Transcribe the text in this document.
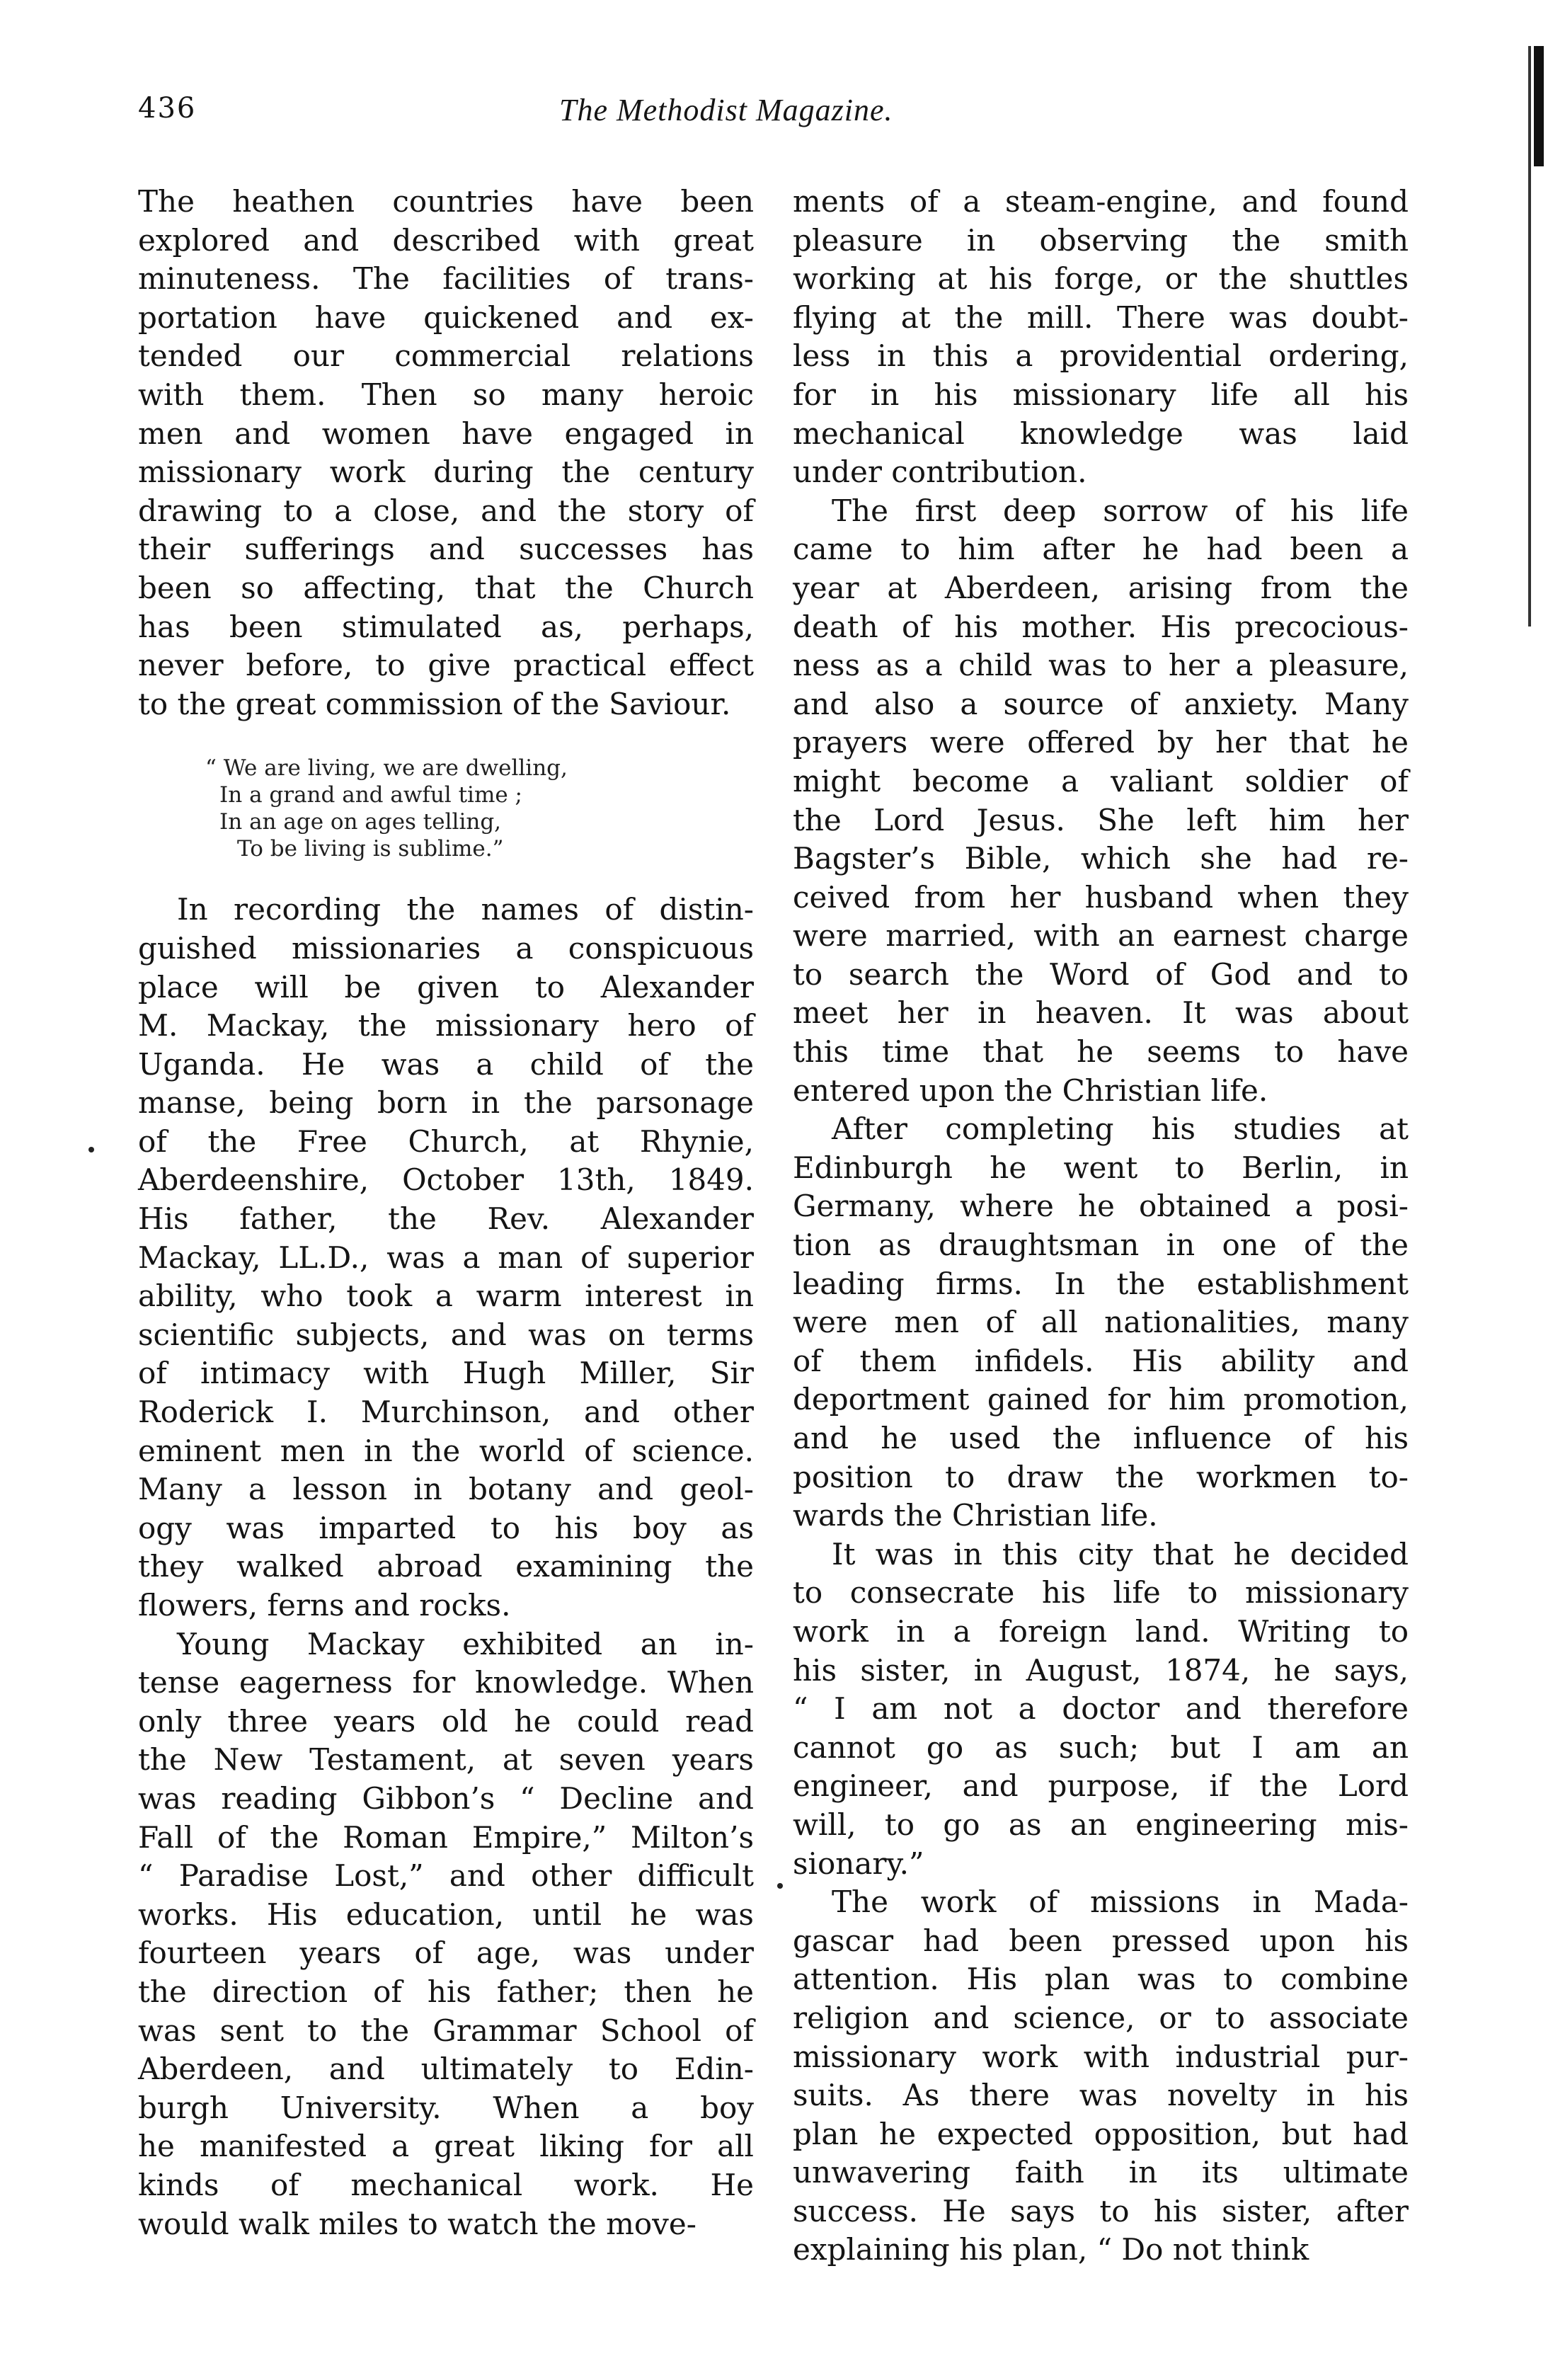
436	The Methodist Magazine.

The heathen countries have been

explored and described with great

minuteness. The facilities of trans-

portation have quickened and ex-

tended our commercial relations

with them. Then so many heroic

men and women have engaged in

missionary work during the century

drawing to a close, and the story of

their sufferings and successes has

been so affecting, that the Church

has been stimulated as, perhaps,

never before, to give practical effect

to the great commission of the Saviour.

“ We are living, we are dwelling,
In a grand and awful time ;
In an age on ages telling,
To be living is sublime.”

In recording the names of distin-

guished missionaries a conspicuous

place will be given to Alexander

M. Mackay, the missionary hero of

Uganda. He was a child of the

manse, being born in the parsonage

of the Free Church, at Rhynie,

Aberdeenshire, October 13th, 1849.

His father, the Rev. Alexander

Mackay, LL.D., was a man of superior

ability, who took a warm interest in

scientific subjects, and was on terms

of intimacy with Hugh Miller, Sir

Roderick I. Murchinson, and other

eminent men in the world of science.

Many a lesson in botany and geol-

ogy was imparted to his boy as

they walked abroad examining the

flowers, ferns and rocks.

Young Mackay exhibited an in-

tense eagerness for knowledge. When

only three years old he could read

the New Testament, at seven years

was reading Gibbon’s “ Decline and

Fall of the Roman Empire,” Milton’s

“ Paradise Lost,” and other difficult

works. His education, until he was

fourteen years of age, was under

the direction of his father; then he

was sent to the Grammar School of

Aberdeen, and ultimately to Edin-

burgh University. When a boy

he manifested a great liking for all

kinds of mechanical work. He

would walk miles to watch the move-

ments of a steam-engine, and found

pleasure in observing the smith

working at his forge, or the shuttles

flying at the mill. There was doubt-

less in this a providential ordering,

for in his missionary life all his

mechanical knowledge was laid

under contribution.

The first deep sorrow of his life

came to him after he had been a

year at Aberdeen, arising from the

death of his mother. His precocious-

ness as a child was to her a pleasure,

and also a source of anxiety. Many

prayers were offered by her that he

might become a valiant soldier of

the Lord Jesus. She left him her

Bagster’s Bible, which she had re-

ceived from her husband when they

were married, with an earnest charge

to search the Word of God and to

meet her in heaven. It was about

this time that he seems to have

entered upon the Christian life.

After completing his studies at

Edinburgh he went to Berlin, in

Germany, where he obtained a posi-

tion as draughtsman in one of the

leading firms. In the establishment

were men of all nationalities, many

of them infidels. His ability and

deportment gained for him promotion,

and he used the influence of his

position to draw the workmen to-

wards the Christian life.

It was in this city that he decided

to consecrate his life to missionary

work in a foreign land. Writing to

his sister, in August, 1874, he says,

“ I am not a doctor and therefore

cannot go as such; but I am an

engineer, and purpose, if the Lord

will, to go as an engineering mis-

sionary.”

The work of missions in Mada-

gascar had been pressed upon his

attention. His plan was to combine

religion and science, or to associate

missionary work with industrial pur-

suits. As there was novelty in his

plan he expected opposition, but had

unwavering faith in its ultimate

success. He says to his sister, after

explaining his plan, “ Do not think
